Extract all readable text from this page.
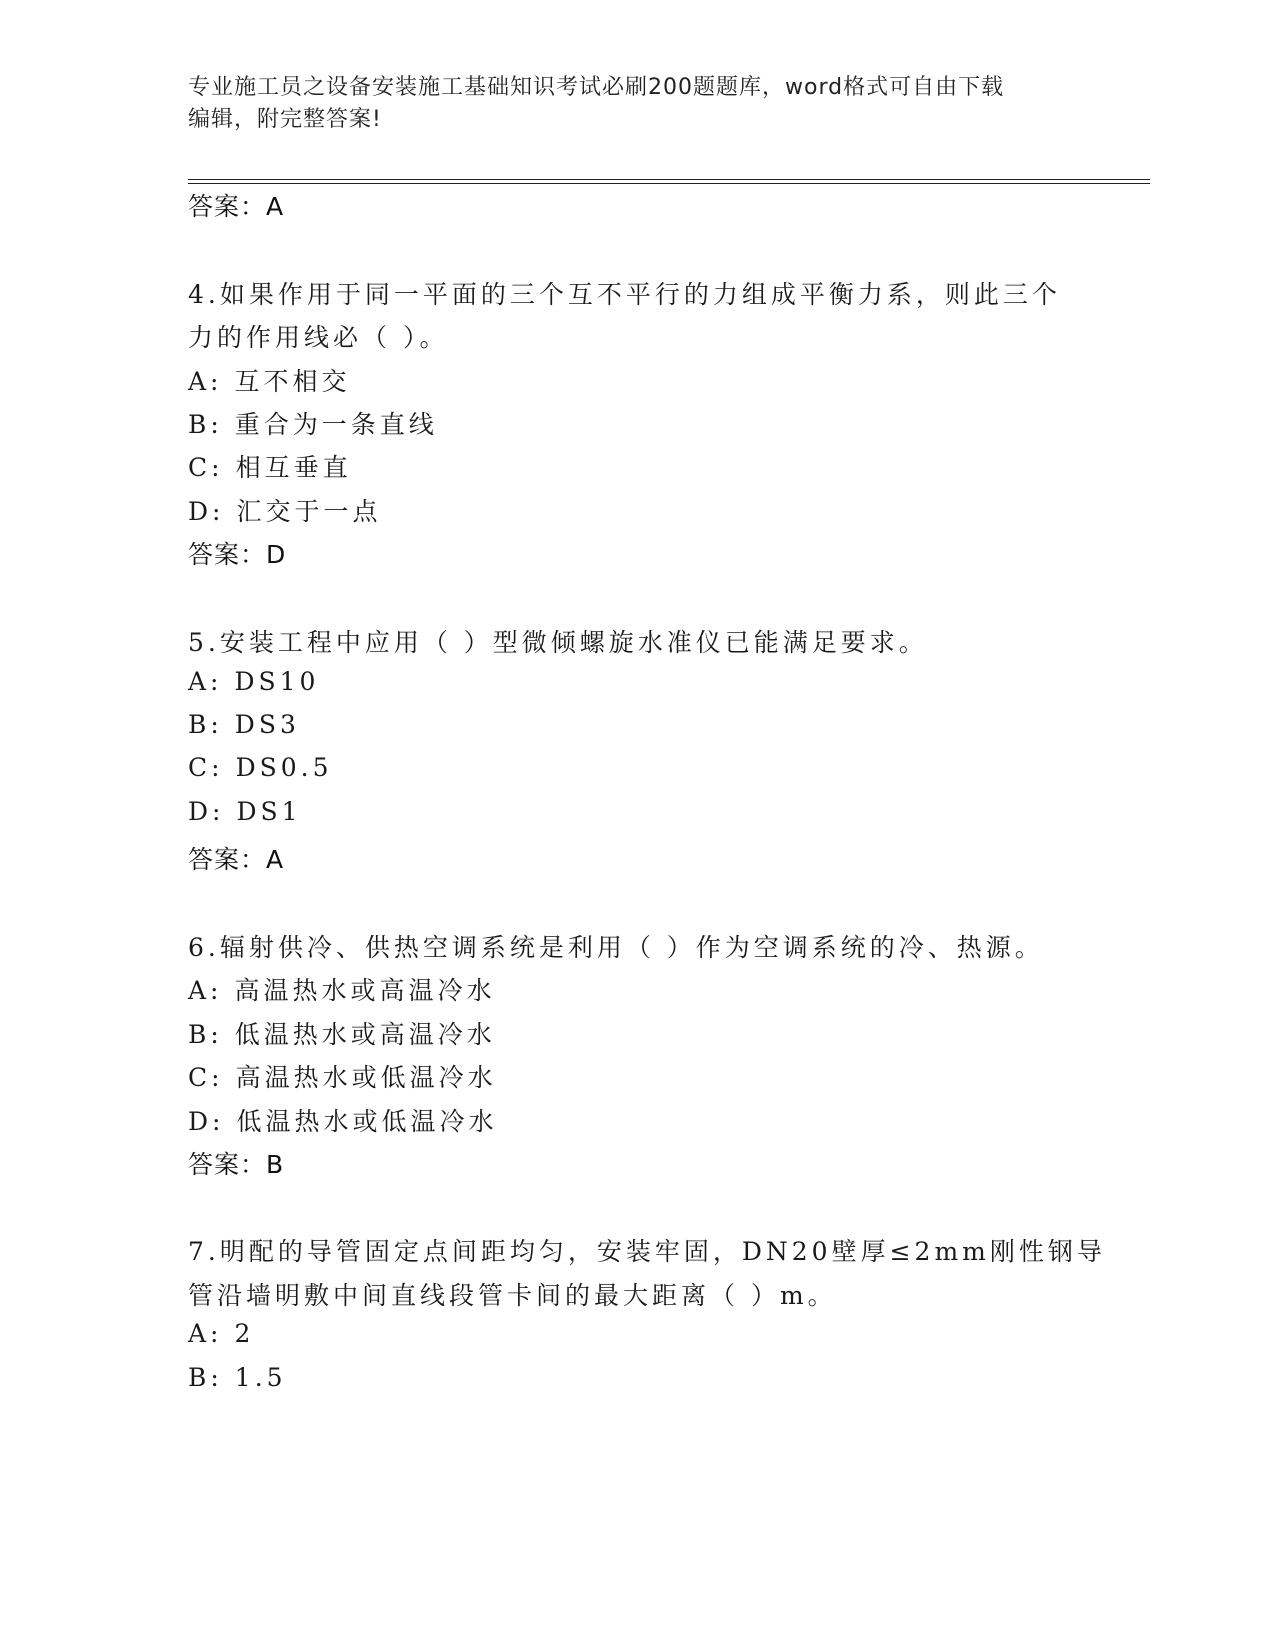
专业施工员之设备安装施工基础知识考试必刷200题题库，word格式可自由下载
编辑，附完整答案!
答案：A
4.如果作用于同一平面的三个互不平行的力组成平衡力系，则此三个
力的作用线必（ ）。
A: 互不相交
B: 重合为一条直线
C: 相互垂直
D: 汇交于一点
答案：D
5.安装工程中应用（ ）型微倾螺旋水准仪已能满足要求。
A: DS10
B: DS3
C: DS0.5
D: DS1
答案：A
6.辐射供冷、供热空调系统是利用（ ）作为空调系统的冷、热源。
A: 高温热水或高温冷水
B: 低温热水或高温冷水
C: 高温热水或低温冷水
D: 低温热水或低温冷水
答案：B
7.明配的导管固定点间距均匀，安装牢固，DN20壁厚≤2mm刚性钢导
管沿墙明敷中间直线段管卡间的最大距离（ ）m。
A: 2
B: 1.5
